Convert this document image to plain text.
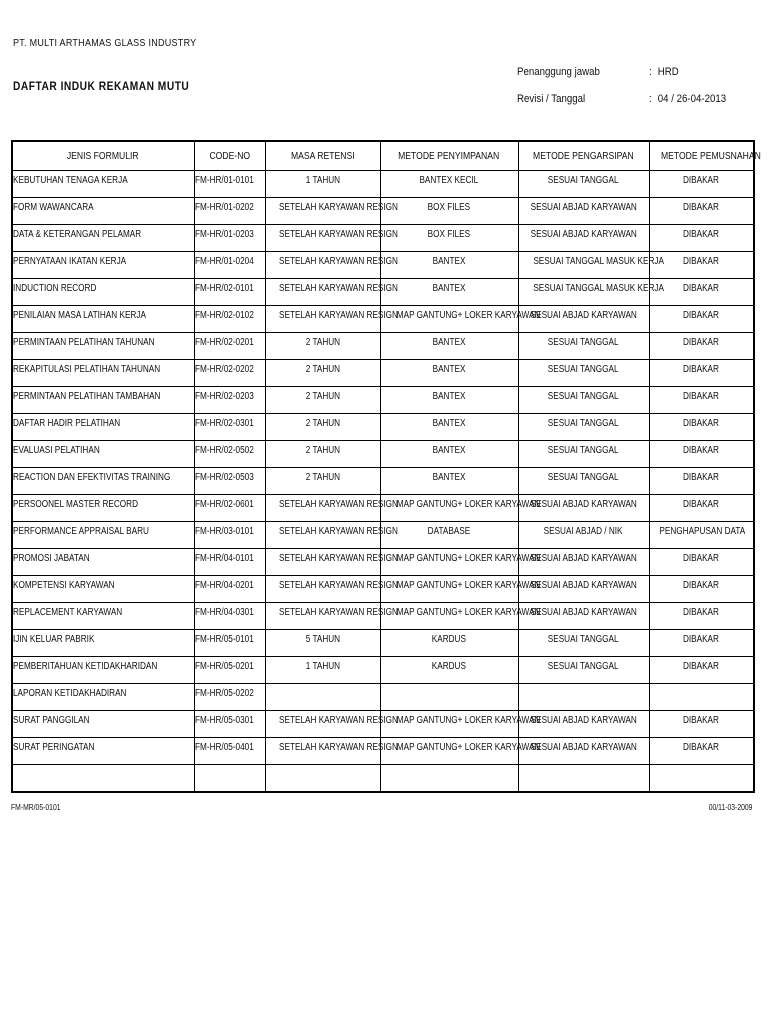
PT. MULTI ARTHAMAS GLASS INDUSTRY
DAFTAR INDUK REKAMAN MUTU
Penanggung jawab	: HRD
Revisi / Tanggal	: 04 / 26-04-2013
JENIS FORMULIR	CODE-NO	MASA RETENSI	METODE PENYIMPANAN	METODE PENGARSIPAN	METODE PEMUSNAHAN
KEBUTUHAN TENAGA KERJA	FM-HR/01-0101	1 TAHUN	BANTEX KECIL	SESUAI TANGGAL	DIBAKAR
FORM WAWANCARA	FM-HR/01-0202	SETELAH KARYAWAN RESIGN	BOX FILES	SESUAI ABJAD KARYAWAN	DIBAKAR
DATA & KETERANGAN PELAMAR	FM-HR/01-0203	SETELAH KARYAWAN RESIGN	BOX FILES	SESUAI ABJAD KARYAWAN	DIBAKAR
PERNYATAAN IKATAN KERJA	FM-HR/01-0204	SETELAH KARYAWAN RESIGN	BANTEX	SESUAI TANGGAL MASUK KERJA	DIBAKAR
INDUCTION RECORD	FM-HR/02-0101	SETELAH KARYAWAN RESIGN	BANTEX	SESUAI TANGGAL MASUK KERJA	DIBAKAR
PENILAIAN MASA LATIHAN KERJA	FM-HR/02-0102	SETELAH KARYAWAN RESIGN	MAP GANTUNG+ LOKER KARYAWAN	SESUAI ABJAD KARYAWAN	DIBAKAR
PERMINTAAN PELATIHAN TAHUNAN	FM-HR/02-0201	2 TAHUN	BANTEX	SESUAI TANGGAL	DIBAKAR
REKAPITULASI PELATIHAN TAHUNAN	FM-HR/02-0202	2 TAHUN	BANTEX	SESUAI TANGGAL	DIBAKAR
PERMINTAAN PELATIHAN TAMBAHAN	FM-HR/02-0203	2 TAHUN	BANTEX	SESUAI TANGGAL	DIBAKAR
DAFTAR HADIR PELATIHAN	FM-HR/02-0301	2 TAHUN	BANTEX	SESUAI TANGGAL	DIBAKAR
EVALUASI PELATIHAN	FM-HR/02-0502	2 TAHUN	BANTEX	SESUAI TANGGAL	DIBAKAR
REACTION DAN EFEKTIVITAS TRAINING	FM-HR/02-0503	2 TAHUN	BANTEX	SESUAI TANGGAL	DIBAKAR
PERSOONEL MASTER RECORD	FM-HR/02-0601	SETELAH KARYAWAN RESIGN	MAP GANTUNG+ LOKER KARYAWAN	SESUAI ABJAD KARYAWAN	DIBAKAR
PERFORMANCE APPRAISAL BARU	FM-HR/03-0101	SETELAH KARYAWAN RESIGN	DATABASE	SESUAI ABJAD / NIK	PENGHAPUSAN DATA
PROMOSI JABATAN	FM-HR/04-0101	SETELAH KARYAWAN RESIGN	MAP GANTUNG+ LOKER KARYAWAN	SESUAI ABJAD KARYAWAN	DIBAKAR
KOMPETENSI KARYAWAN	FM-HR/04-0201	SETELAH KARYAWAN RESIGN	MAP GANTUNG+ LOKER KARYAWAN	SESUAI ABJAD KARYAWAN	DIBAKAR
REPLACEMENT KARYAWAN	FM-HR/04-0301	SETELAH KARYAWAN RESIGN	MAP GANTUNG+ LOKER KARYAWAN	SESUAI ABJAD KARYAWAN	DIBAKAR
IJIN KELUAR PABRIK	FM-HR/05-0101	5 TAHUN	KARDUS	SESUAI TANGGAL	DIBAKAR
PEMBERITAHUAN KETIDAKHARIDAN	FM-HR/05-0201	1 TAHUN	KARDUS	SESUAI TANGGAL	DIBAKAR
LAPORAN KETIDAKHADIRAN	FM-HR/05-0202				
SURAT PANGGILAN	FM-HR/05-0301	SETELAH KARYAWAN RESIGN	MAP GANTUNG+ LOKER KARYAWAN	SESUAI ABJAD KARYAWAN	DIBAKAR
SURAT PERINGATAN	FM-HR/05-0401	SETELAH KARYAWAN RESIGN	MAP GANTUNG+ LOKER KARYAWAN	SESUAI ABJAD KARYAWAN	DIBAKAR

FM-MR/05-0101	00/11-03-2009
